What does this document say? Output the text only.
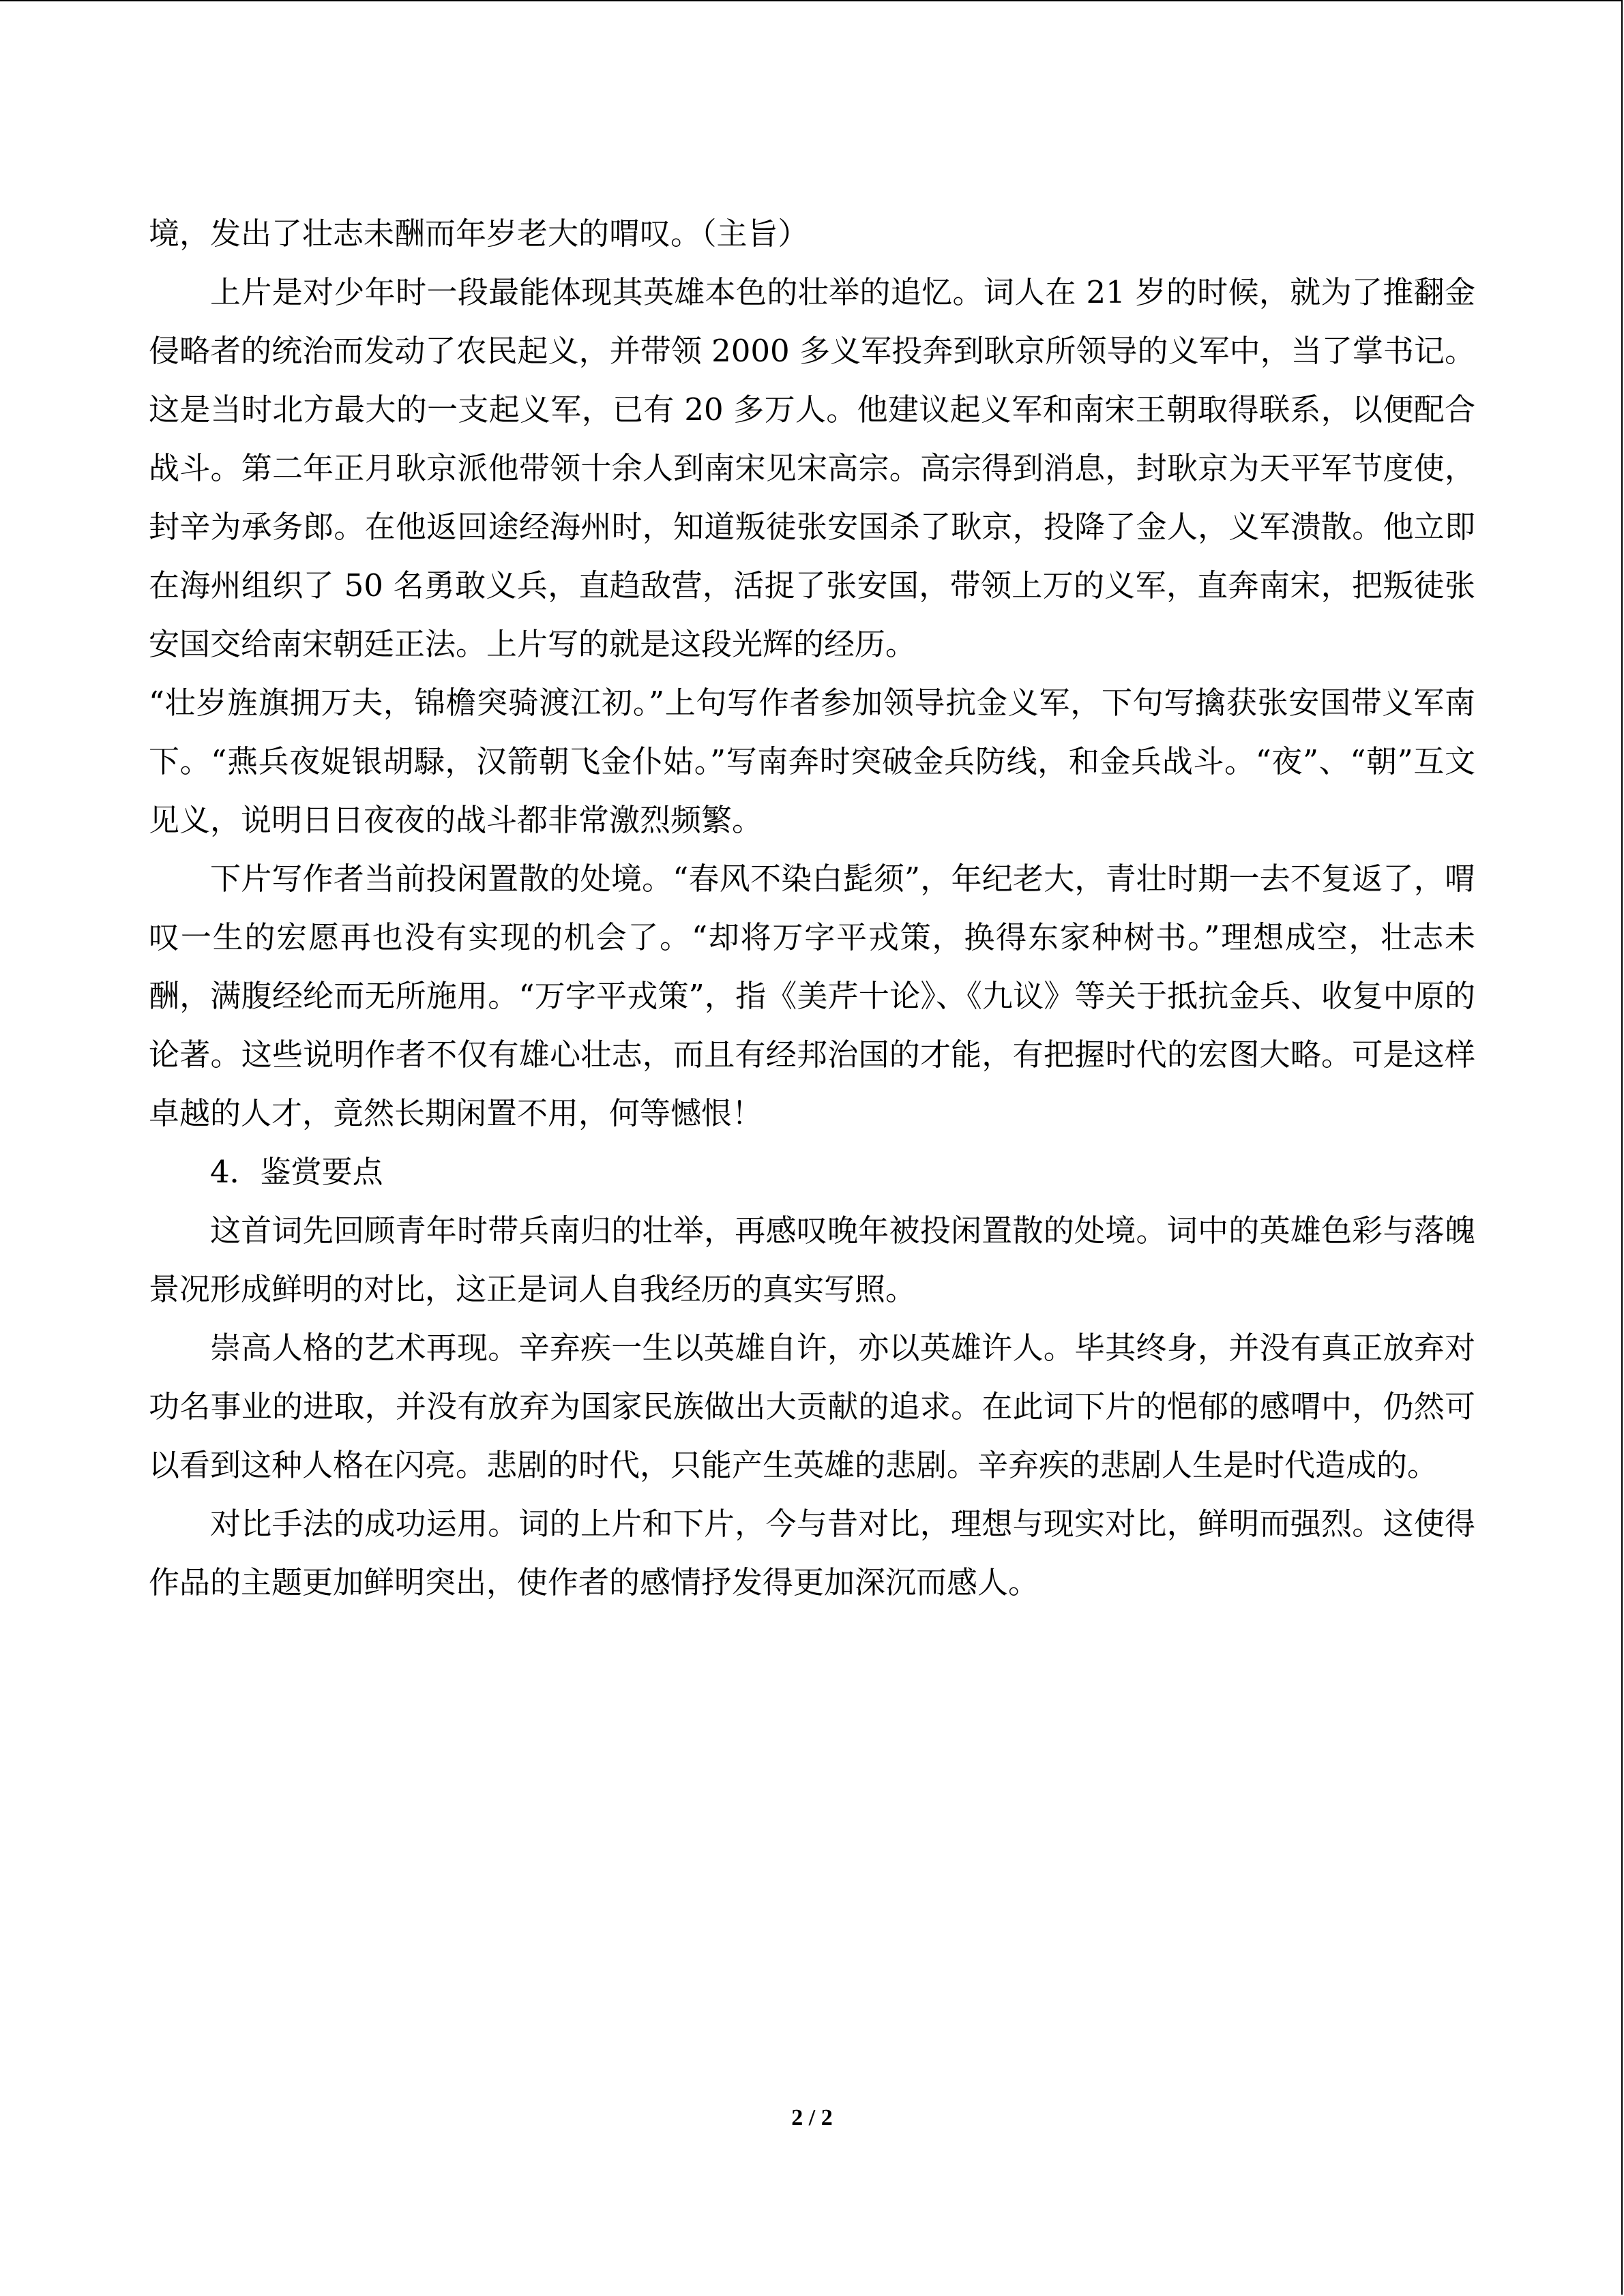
境，发出了壮志未酬而年岁老大的喟叹。（主旨）

上片是对少年时一段最能体现其英雄本色的壮举的追忆。词人在 21 岁的时候，就为了推翻金侵略者的统治而发动了农民起义，并带领 2000 多义军投奔到耿京所领导的义军中，当了掌书记。这是当时北方最大的一支起义军，已有 20 多万人。他建议起义军和南宋王朝取得联系，以便配合战斗。第二年正月耿京派他带领十余人到南宋见宋高宗。高宗得到消息，封耿京为天平军节度使，封辛为承务郎。在他返回途经海州时，知道叛徒张安国杀了耿京，投降了金人，义军溃散。他立即在海州组织了 50 名勇敢义兵，直趋敌营，活捉了张安国，带领上万的义军，直奔南宋，把叛徒张安国交给南宋朝廷正法。上片写的就是这段光辉的经历。

“壮岁旌旗拥万夫，锦檐突骑渡江初。”上句写作者参加领导抗金义军，下句写擒获张安国带义军南下。“燕兵夜娖银胡騄，汉箭朝飞金仆姑。”写南奔时突破金兵防线，和金兵战斗。“夜”、“朝”互文见义，说明日日夜夜的战斗都非常激烈频繁。

下片写作者当前投闲置散的处境。“春风不染白髭须”，年纪老大，青壮时期一去不复返了，喟叹一生的宏愿再也没有实现的机会了。“却将万字平戎策，换得东家种树书。”理想成空，壮志未酬，满腹经纶而无所施用。“万字平戎策”，指《美芹十论》、《九议》等关于抵抗金兵、收复中原的论著。这些说明作者不仅有雄心壮志，而且有经邦治国的才能，有把握时代的宏图大略。可是这样卓越的人才，竟然长期闲置不用，何等憾恨！

4．鉴赏要点

这首词先回顾青年时带兵南归的壮举，再感叹晚年被投闲置散的处境。词中的英雄色彩与落魄景况形成鲜明的对比，这正是词人自我经历的真实写照。

崇高人格的艺术再现。辛弃疾一生以英雄自许，亦以英雄许人。毕其终身，并没有真正放弃对功名事业的进取，并没有放弃为国家民族做出大贡献的追求。在此词下片的悒郁的感喟中，仍然可以看到这种人格在闪亮。悲剧的时代，只能产生英雄的悲剧。辛弃疾的悲剧人生是时代造成的。

对比手法的成功运用。词的上片和下片，今与昔对比，理想与现实对比，鲜明而强烈。这使得作品的主题更加鲜明突出，使作者的感情抒发得更加深沉而感人。

2 / 2
